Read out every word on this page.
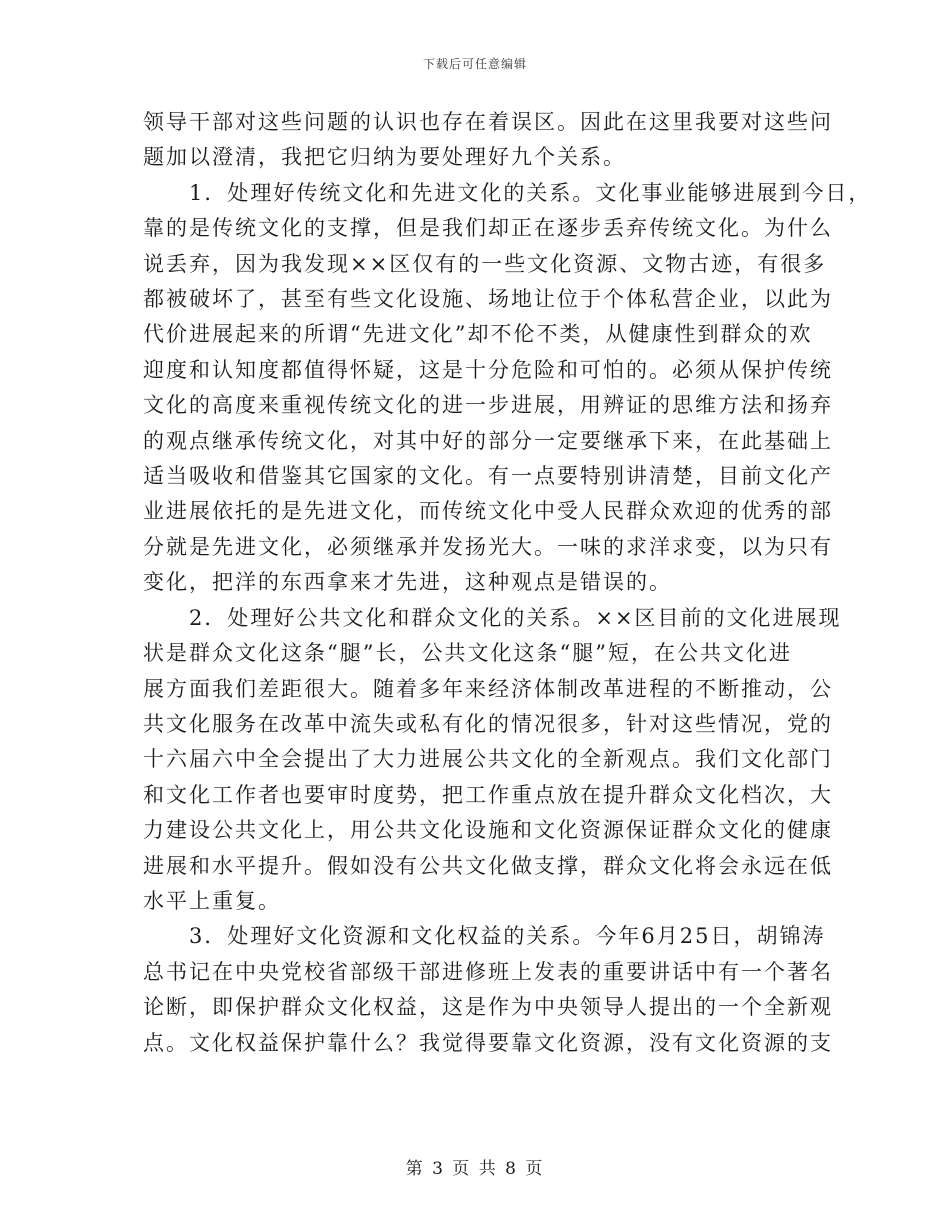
下载后可任意编辑
领导干部对这些问题的认识也存在着误区。因此在这里我要对这些问
题加以澄清，我把它归纳为要处理好九个关系。
1．处理好传统文化和先进文化的关系。文化事业能够进展到今日，
靠的是传统文化的支撑，但是我们却正在逐步丢弃传统文化。为什么
说丢弃，因为我发现××区仅有的一些文化资源、文物古迹，有很多
都被破坏了，甚至有些文化设施、场地让位于个体私营企业，以此为
代价进展起来的所谓“先进文化”却不伦不类，从健康性到群众的欢
迎度和认知度都值得怀疑，这是十分危险和可怕的。必须从保护传统
文化的高度来重视传统文化的进一步进展，用辨证的思维方法和扬弃
的观点继承传统文化，对其中好的部分一定要继承下来，在此基础上
适当吸收和借鉴其它国家的文化。有一点要特别讲清楚，目前文化产
业进展依托的是先进文化，而传统文化中受人民群众欢迎的优秀的部
分就是先进文化，必须继承并发扬光大。一味的求洋求变，以为只有
变化，把洋的东西拿来才先进，这种观点是错误的。
2．处理好公共文化和群众文化的关系。××区目前的文化进展现
状是群众文化这条“腿”长，公共文化这条“腿”短，在公共文化进
展方面我们差距很大。随着多年来经济体制改革进程的不断推动，公
共文化服务在改革中流失或私有化的情况很多，针对这些情况，党的
十六届六中全会提出了大力进展公共文化的全新观点。我们文化部门
和文化工作者也要审时度势，把工作重点放在提升群众文化档次，大
力建设公共文化上，用公共文化设施和文化资源保证群众文化的健康
进展和水平提升。假如没有公共文化做支撑，群众文化将会永远在低
水平上重复。
3．处理好文化资源和文化权益的关系。今年6月25日，胡锦涛
总书记在中央党校省部级干部进修班上发表的重要讲话中有一个著名
论断，即保护群众文化权益，这是作为中央领导人提出的一个全新观
点。文化权益保护靠什么？我觉得要靠文化资源，没有文化资源的支
第 3 页 共 8 页
